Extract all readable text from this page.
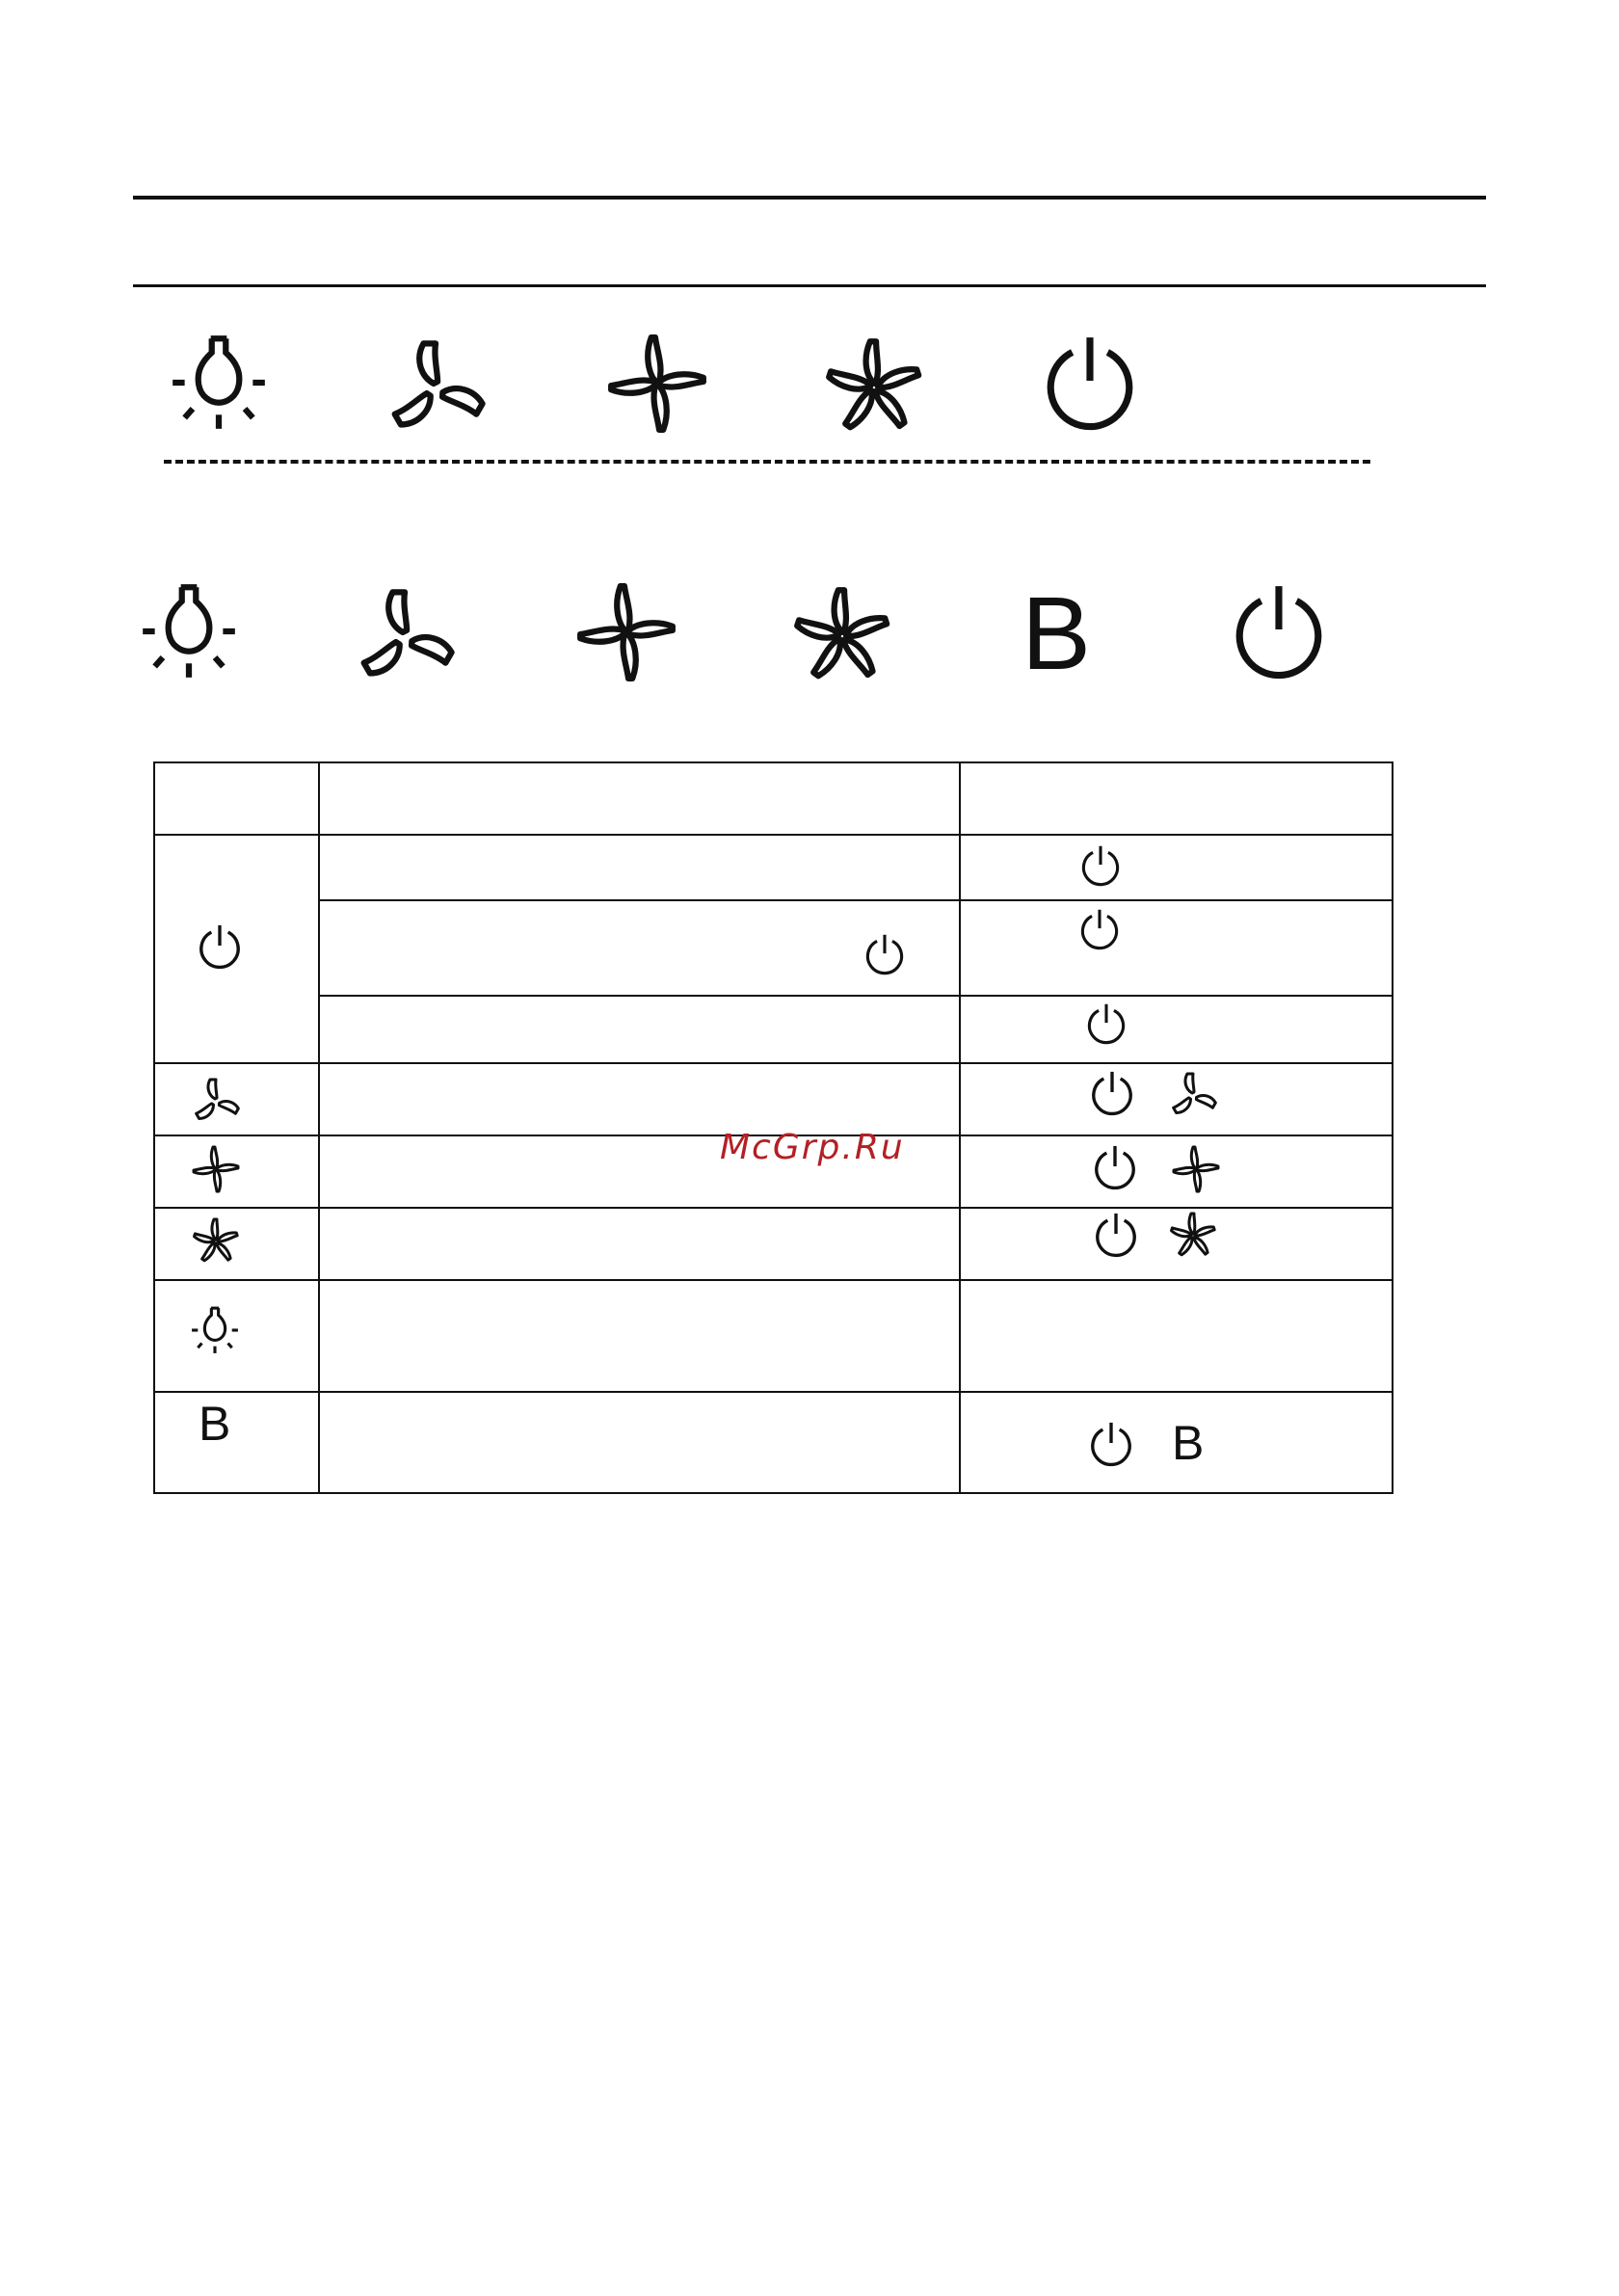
B
B	B
McGrp.Ru
